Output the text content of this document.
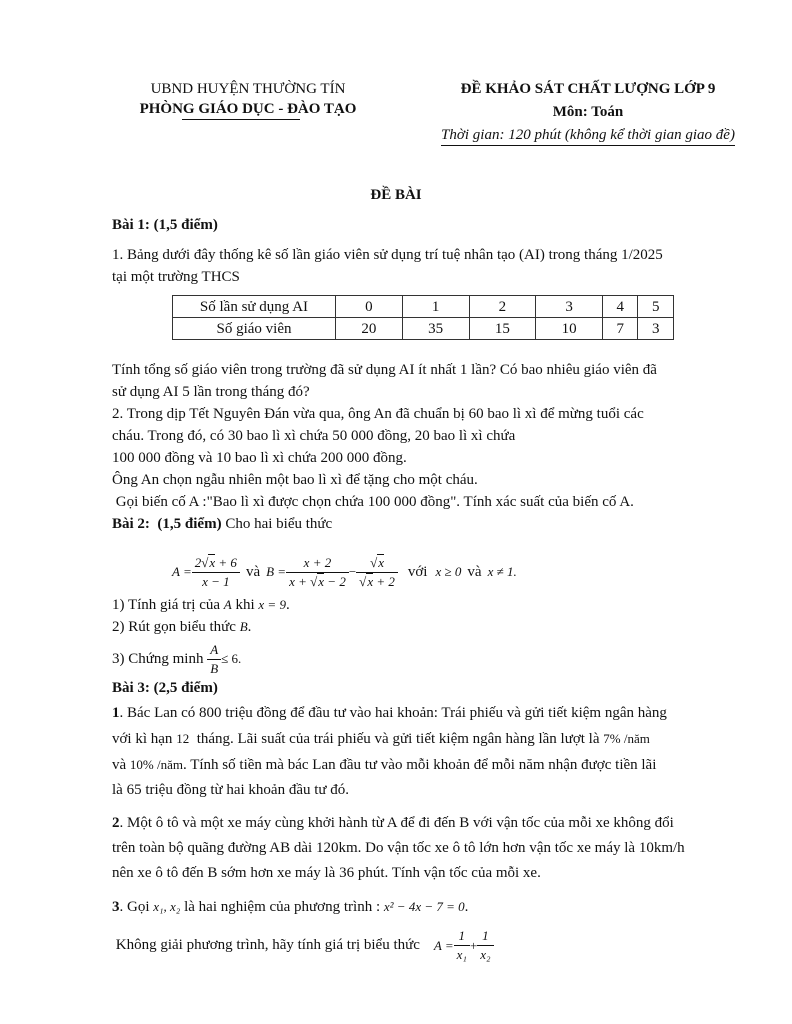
UBND HUYỆN THƯỜNG TÍN
PHÒNG GIÁO DỤC - ĐÀO TẠO
ĐỀ KHẢO SÁT CHẤT LƯỢNG LỚP 9
Môn: Toán
Thời gian: 120 phút (không kể thời gian giao đề)
ĐỀ BÀI

Bài 1: (1,5 điểm)

1. Bảng dưới đây thống kê số lần giáo viên sử dụng trí tuệ nhân tạo (AI) trong tháng 1/2025

tại một trường THCS

Số lần sử dụng AI	0	1	2	3	4	5
Số giáo viên	20	35	15	10	7	3

Tính tổng số giáo viên trong trường đã sử dụng AI ít nhất 1 lần? Có bao nhiêu giáo viên đã

sử dụng AI 5 lần trong tháng đó?

2. Trong dịp Tết Nguyên Đán vừa qua, ông An đã chuẩn bị 60 bao lì xì để mừng tuổi các

cháu. Trong đó, có 30 bao lì xì chứa 50 000 đồng, 20 bao lì xì chứa

100 000 đồng và 10 bao lì xì chứa 200 000 đồng.

Ông An chọn ngẫu nhiên một bao lì xì để tặng cho một cháu.

Gọi biến cố A :"Bao lì xì được chọn chứa 100 000 đồng". Tính xác suất của biến cố A.

Bài 2:  (1,5 điểm) Cho hai biểu thức

$A = \frac{2√x + 6}{x - 1}$ và $B = \frac{x + 2}{x + √x - 2} - \frac{√x}{√x + 2}$ với x ≥ 0 và x ≠ 1.

1) Tính giá trị của A khi x = 9.

2) Rút gọn biểu thức B.

3) Chứng minh
$\frac{A}{B} \le 6$.

Bài 3: (2,5 điểm)

1. Bác Lan có 800 triệu đồng để đầu tư vào hai khoản: Trái phiếu và gửi tiết kiệm ngân hàng

với kì hạn 12  tháng. Lãi suất của trái phiếu và gửi tiết kiệm ngân hàng lần lượt là 7% /năm

và 10% /năm. Tính số tiền mà bác Lan đầu tư vào mỗi khoản để mỗi năm nhận được tiền lãi

là 65 triệu đồng từ hai khoản đầu tư đó.

2. Một ô tô và một xe máy cùng khởi hành từ A để đi đến B với vận tốc của mỗi xe không đổi

trên toàn bộ quãng đường AB dài 120km. Do vận tốc xe ô tô lớn hơn vận tốc xe máy là 10km/h

nên xe ô tô đến B sớm hơn xe máy là 36 phút. Tính vận tốc của mỗi xe.

3. Gọi x₁, x₂ là hai nghiệm của phương trình : x² − 4x − 7 = 0.

Không giải phương trình, hãy tính giá trị biểu thức $A = \frac{1}{\text{x₁}} + \frac{1}{\text{x₂}}$
